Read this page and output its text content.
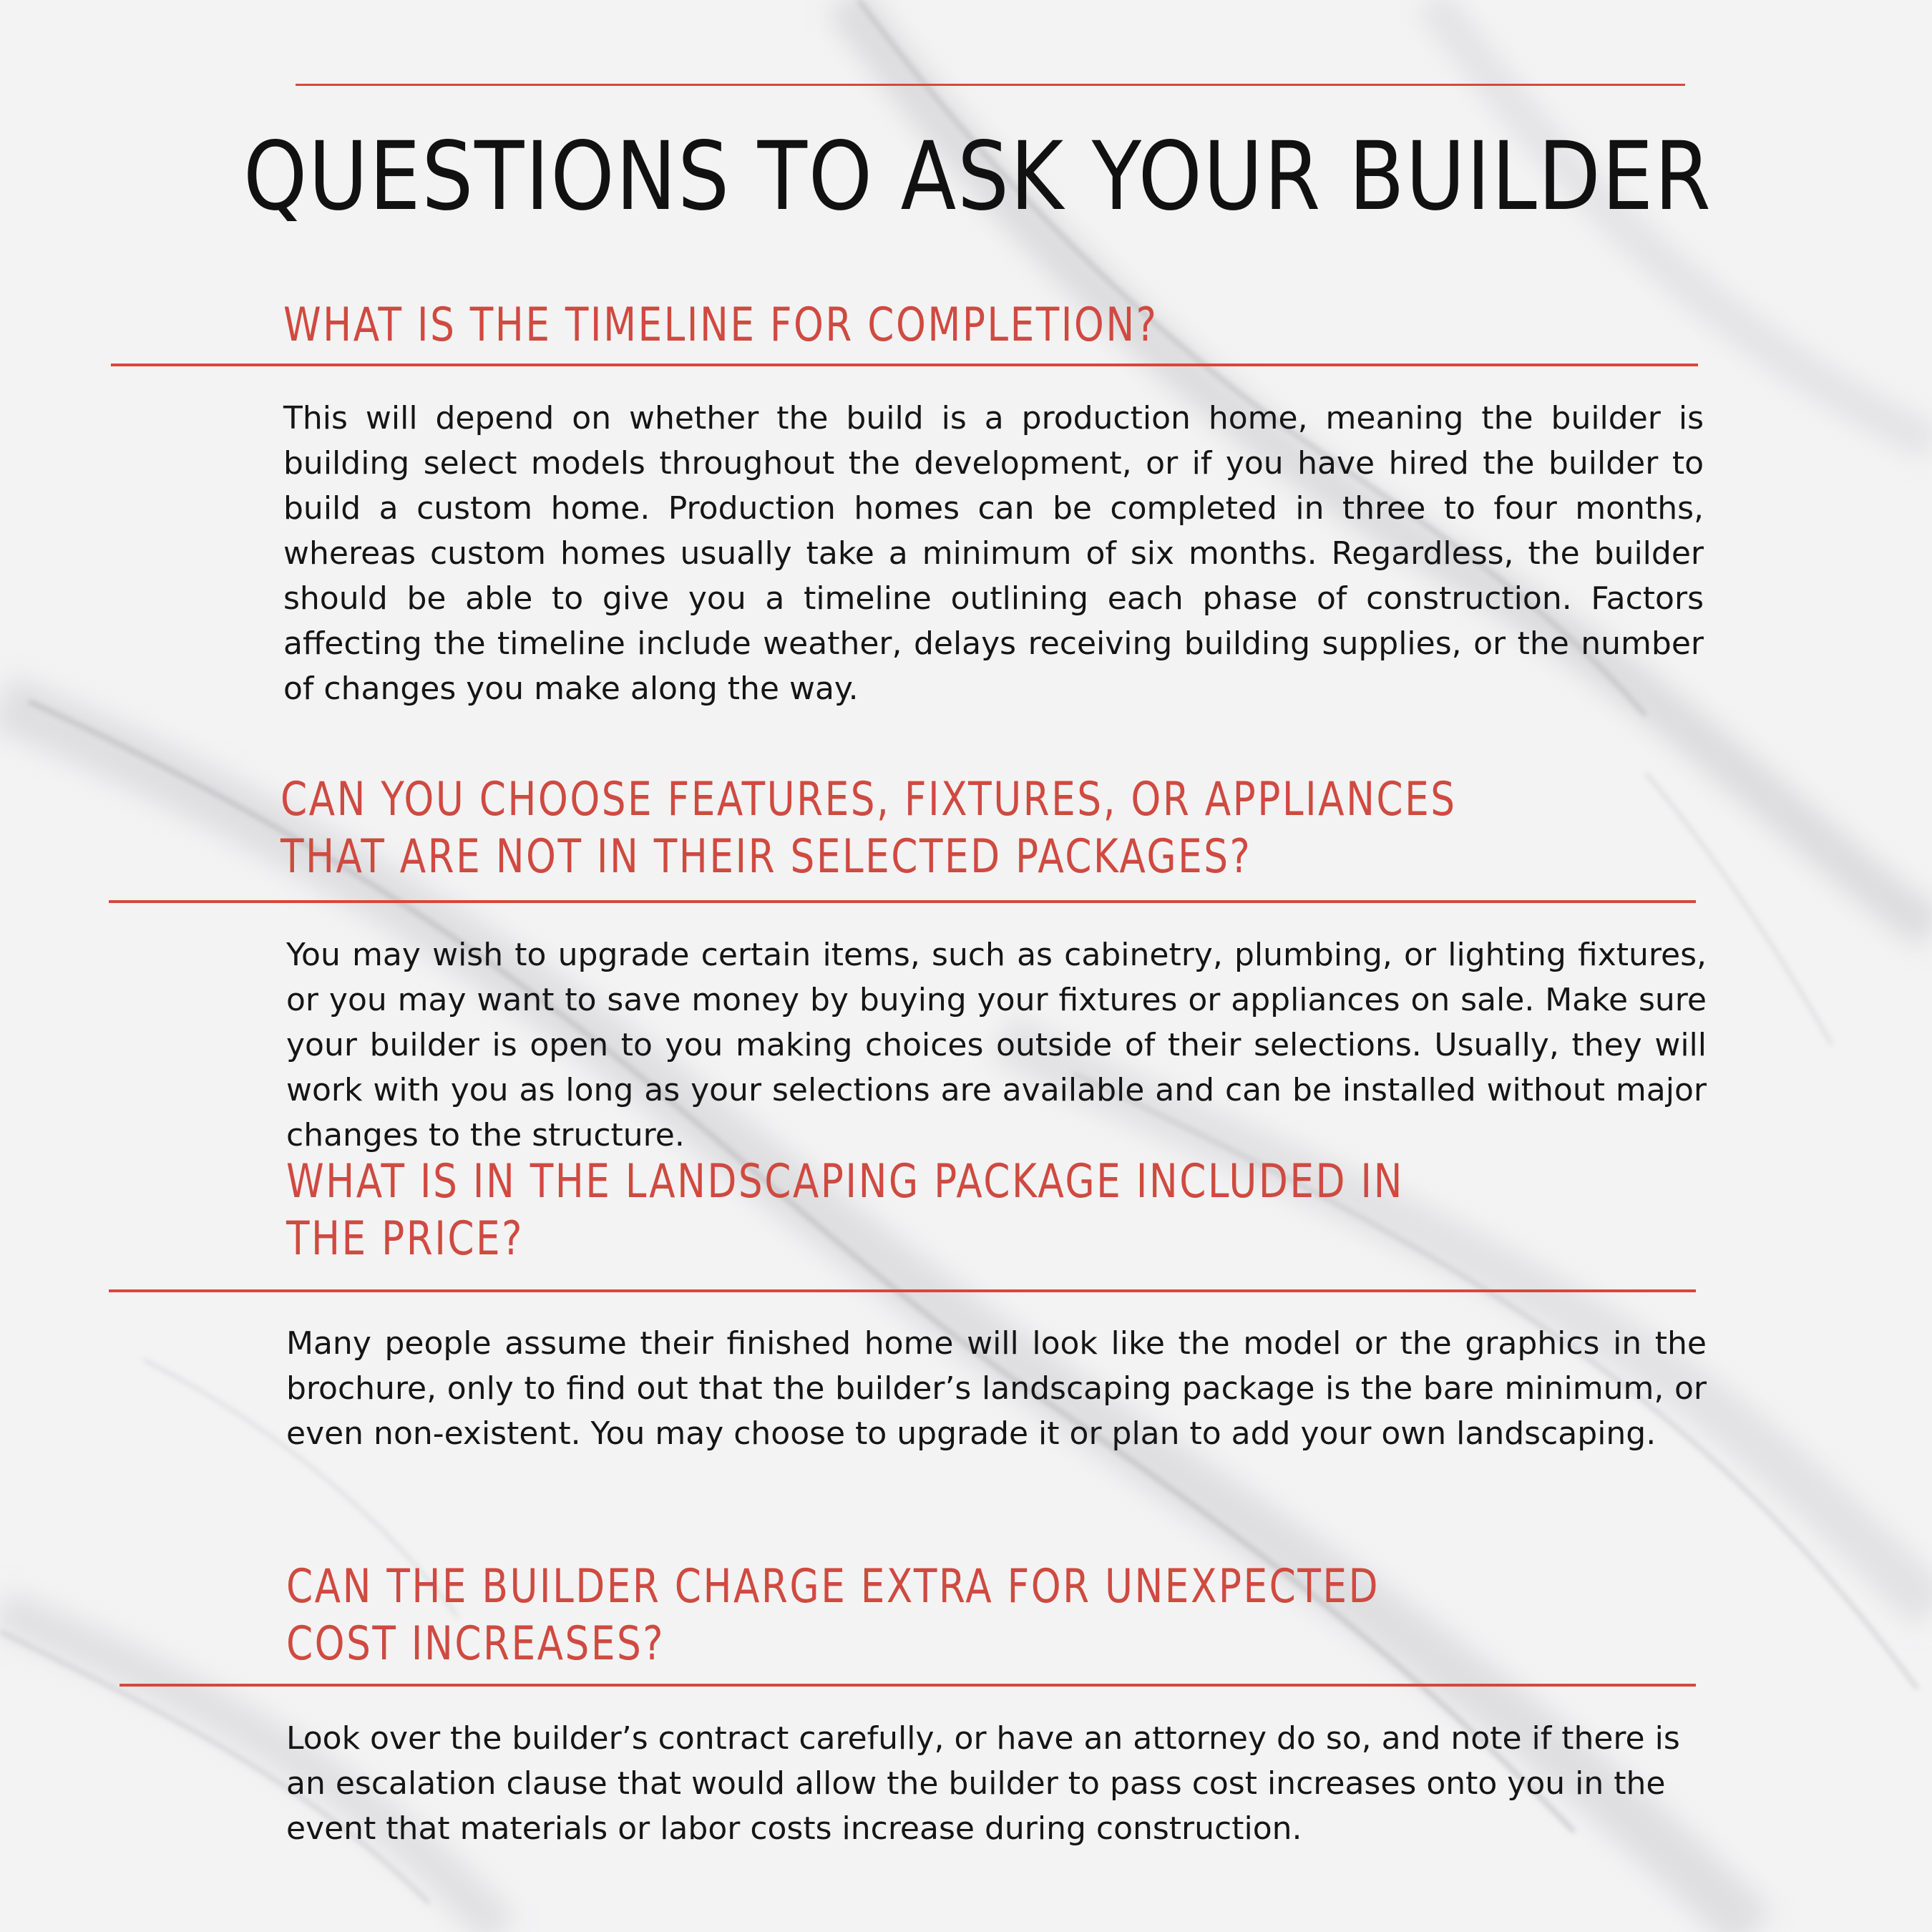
QUESTIONS TO ASK YOUR BUILDER
WHAT IS THE TIMELINE FOR COMPLETION?
This will depend on whether the build is a production home, meaning the builder is building select models throughout the development, or if you have hired the builder to build a custom home. Production homes can be completed in three to four months, whereas custom homes usually take a minimum of six months. Regardless, the builder should be able to give you a timeline outlining each phase of construction. Factors affecting the timeline include weather, delays receiving building supplies, or the number of changes you make along the way.
CAN YOU CHOOSE FEATURES, FIXTURES, OR APPLIANCES
THAT ARE NOT IN THEIR SELECTED PACKAGES?
You may wish to upgrade certain items, such as cabinetry, plumbing, or lighting fixtures, or you may want to save money by buying your fixtures or appliances on sale. Make sure your builder is open to you making choices outside of their selections. Usually, they will work with you as long as your selections are available and can be installed without major changes to the structure.
WHAT IS IN THE LANDSCAPING PACKAGE INCLUDED IN
THE PRICE?
Many people assume their finished home will look like the model or the graphics in the brochure, only to find out that the builder’s landscaping package is the bare minimum, or even non-existent. You may choose to upgrade it or plan to add your own landscaping.
CAN THE BUILDER CHARGE EXTRA FOR UNEXPECTED
COST INCREASES?
Look over the builder’s contract carefully, or have an attorney do so, and note if there is an escalation clause that would allow the builder to pass cost increases onto you in the event that materials or labor costs increase during construction.
